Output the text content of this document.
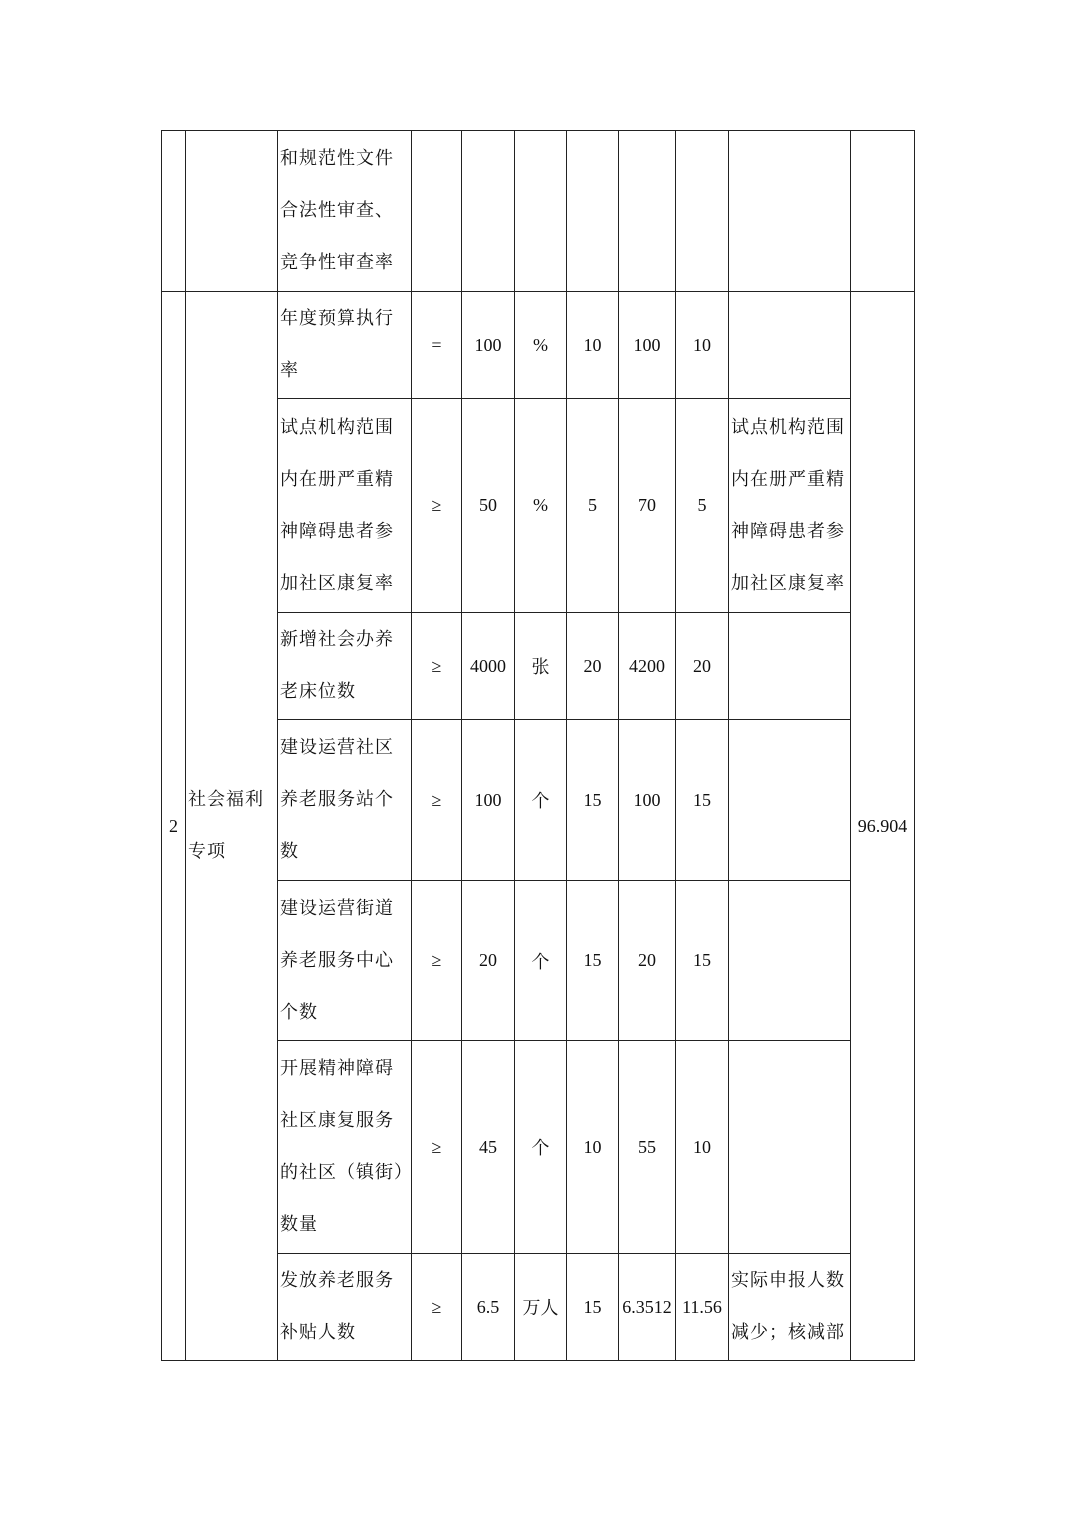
		和规范性文件合法性审查、竞争性审查率								
2	社会福利专项	年度预算执行率	=	100	%	10	100	10		96.904
		试点机构范围内在册严重精神障碍患者参加社区康复率	≥	50	%	5	70	5	试点机构范围内在册严重精神障碍患者参加社区康复率	
		新增社会办养老床位数	≥	4000	张	20	4200	20		
		建设运营社区养老服务站个数	≥	100	个	15	100	15		
		建设运营街道养老服务中心个数	≥	20	个	15	20	15		
		开展精神障碍社区康复服务的社区（镇街）数量	≥	45	个	10	55	10		
		发放养老服务补贴人数	≥	6.5	万人	15	6.3512	11.56	实际申报人数减少；核减部	
